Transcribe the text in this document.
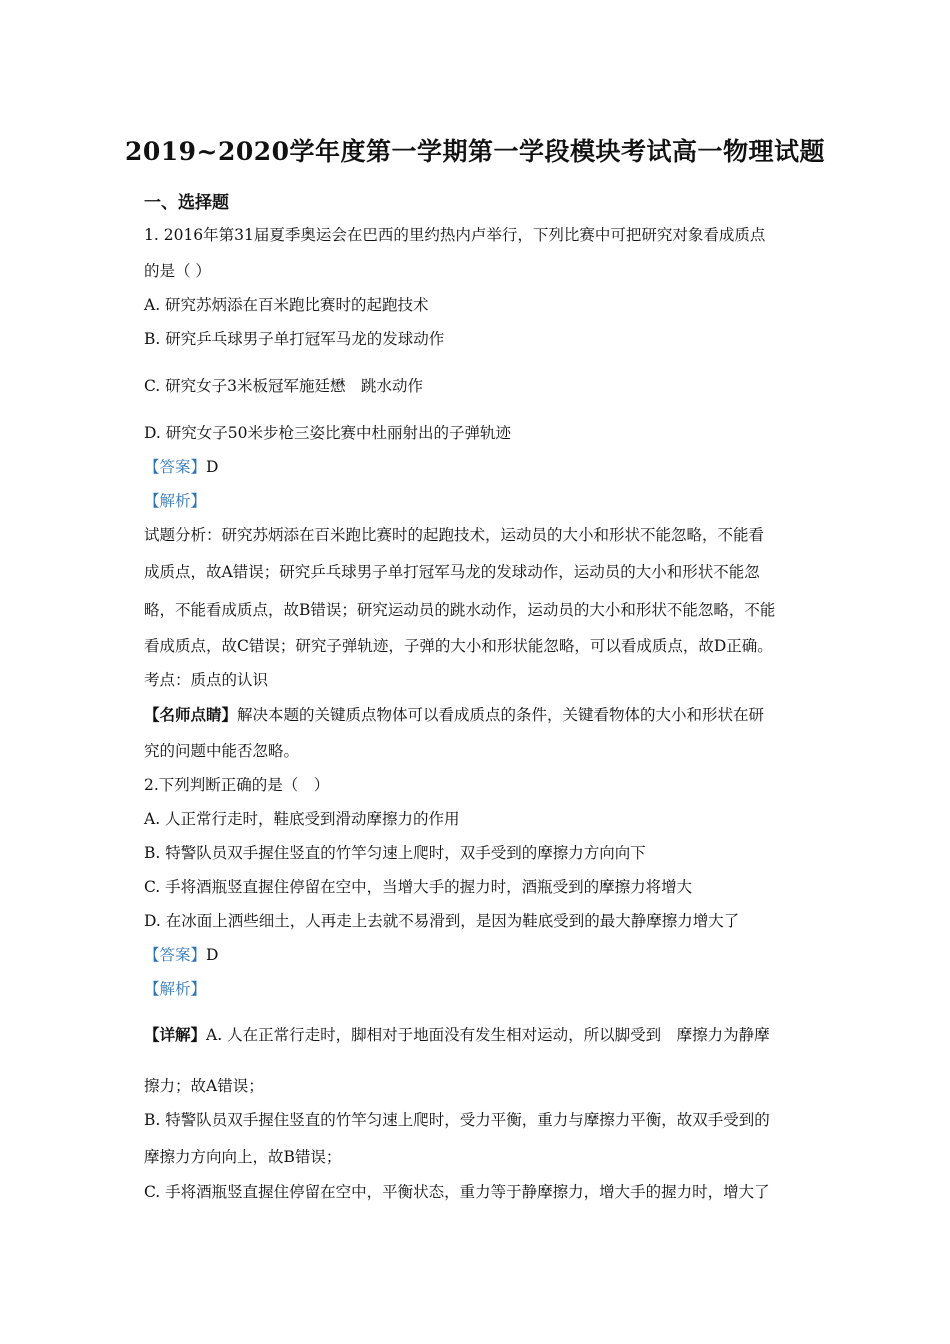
2019~2020学年度第一学期第一学段模块考试高一物理试题
一、选择题
1. 2016年第31届夏季奥运会在巴西的里约热内卢举行，下列比赛中可把研究对象看成质点
的是（ ）
A. 研究苏炳添在百米跑比赛时的起跑技术
B. 研究乒乓球男子单打冠军马龙的发球动作
C. 研究女子3米板冠军施廷懋　跳水动作
D. 研究女子50米步枪三姿比赛中杜丽射出的子弹轨迹
【答案】D
【解析】
试题分析：研究苏炳添在百米跑比赛时的起跑技术，运动员的大小和形状不能忽略，不能看
成质点，故A错误；研究乒乓球男子单打冠军马龙的发球动作，运动员的大小和形状不能忽
略，不能看成质点，故B错误；研究运动员的跳水动作，运动员的大小和形状不能忽略，不能
看成质点，故C错误；研究子弹轨迹，子弹的大小和形状能忽略，可以看成质点，故D正确。
考点：质点的认识
【名师点睛】解决本题的关键质点物体可以看成质点的条件，关键看物体的大小和形状在研
究的问题中能否忽略。
2.下列判断正确的是（　）
A. 人正常行走时，鞋底受到滑动摩擦力的作用
B. 特警队员双手握住竖直的竹竿匀速上爬时，双手受到的摩擦力方向向下
C. 手将酒瓶竖直握住停留在空中，当增大手的握力时，酒瓶受到的摩擦力将增大
D. 在冰面上洒些细土，人再走上去就不易滑到，是因为鞋底受到的最大静摩擦力增大了
【答案】D
【解析】
【详解】A. 人在正常行走时，脚相对于地面没有发生相对运动，所以脚受到　摩擦力为静摩
擦力；故A错误；
B. 特警队员双手握住竖直的竹竿匀速上爬时，受力平衡，重力与摩擦力平衡，故双手受到的
摩擦力方向向上，故B错误；
C. 手将酒瓶竖直握住停留在空中，平衡状态，重力等于静摩擦力，增大手的握力时，增大了
